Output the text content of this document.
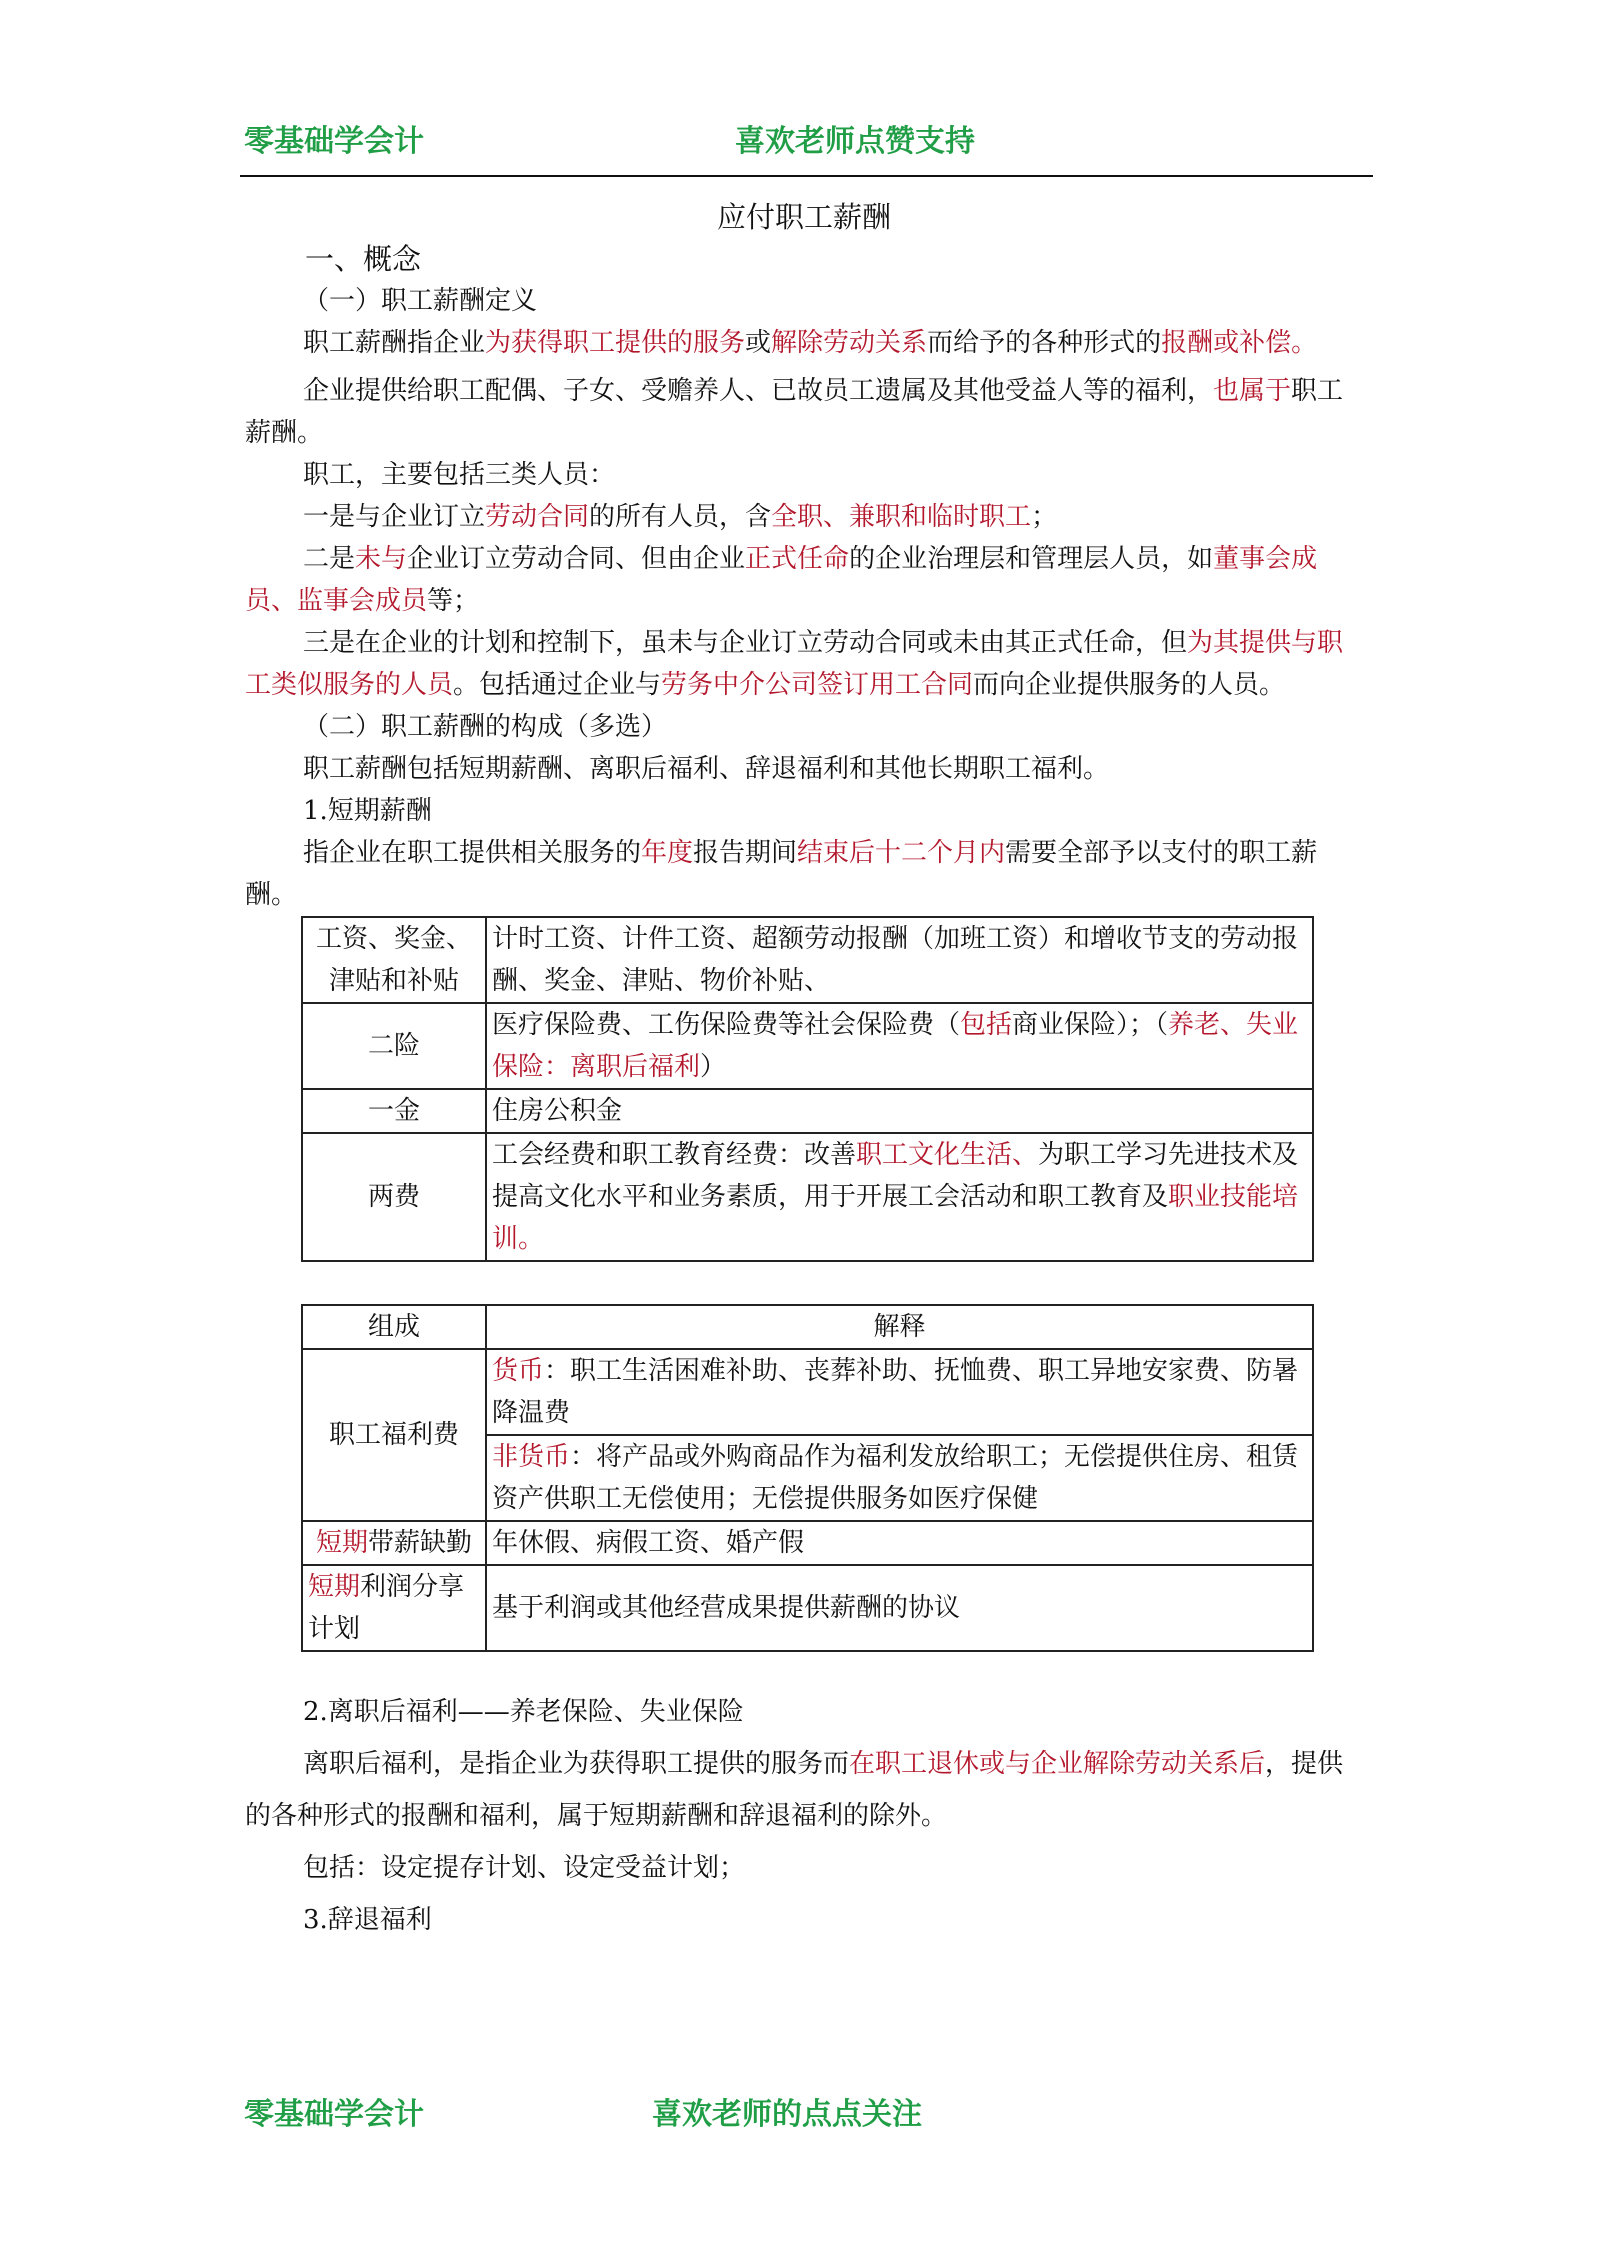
零基础学会计	喜欢老师点赞支持

应付职工薪酬

一、概念

（一）职工薪酬定义

职工薪酬指企业为获得职工提供的服务或解除劳动关系而给予的各种形式的报酬或补偿。

企业提供给职工配偶、子女、受赡养人、已故员工遗属及其他受益人等的福利，也属于职工薪酬。

职工，主要包括三类人员：

一是与企业订立劳动合同的所有人员，含全职、兼职和临时职工；

二是未与企业订立劳动合同、但由企业正式任命的企业治理层和管理层人员，如董事会成员、监事会成员等；

三是在企业的计划和控制下，虽未与企业订立劳动合同或未由其正式任命，但为其提供与职工类似服务的人员。包括通过企业与劳务中介公司签订用工合同而向企业提供服务的人员。

（二）职工薪酬的构成（多选）

职工薪酬包括短期薪酬、离职后福利、辞退福利和其他长期职工福利。

1.短期薪酬

指企业在职工提供相关服务的年度报告期间结束后十二个月内需要全部予以支付的职工薪酬。

工资、奖金、津贴和补贴	计时工资、计件工资、超额劳动报酬（加班工资）和增收节支的劳动报酬、奖金、津贴、物价补贴、
二险	医疗保险费、工伤保险费等社会保险费（包括商业保险）；（养老、失业保险：离职后福利）
一金	住房公积金
两费	工会经费和职工教育经费：改善职工文化生活、为职工学习先进技术及提高文化水平和业务素质，用于开展工会活动和职工教育及职业技能培训。
组成	解释
职工福利费	货币：职工生活困难补助、丧葬补助、抚恤费、职工异地安家费、防暑降温费
	非货币：将产品或外购商品作为福利发放给职工；无偿提供住房、租赁资产供职工无偿使用；无偿提供服务如医疗保健
短期带薪缺勤	年休假、病假工资、婚产假
短期利润分享计划	基于利润或其他经营成果提供薪酬的协议

2.离职后福利——养老保险、失业保险

离职后福利，是指企业为获得职工提供的服务而在职工退休或与企业解除劳动关系后，提供的各种形式的报酬和福利，属于短期薪酬和辞退福利的除外。

包括：设定提存计划、设定受益计划；

3.辞退福利

零基础学会计	喜欢老师的点点关注
